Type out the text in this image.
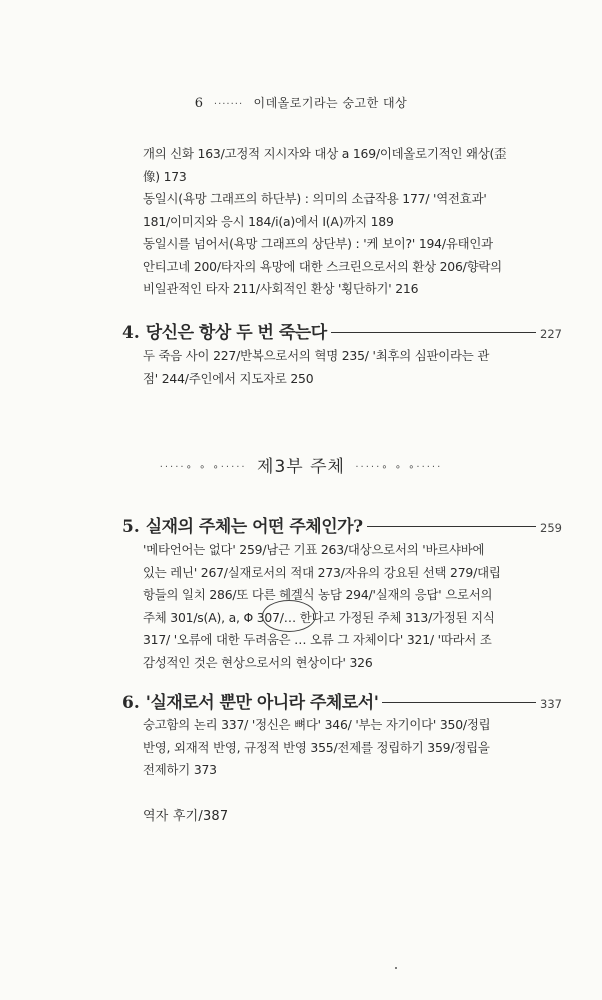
6 ······· 이데올로기라는 숭고한 대상
개의 신화 163/고정적 지시자와 대상 a 169/이데올로기적인 왜상(歪
像) 173
동일시(욕망 그래프의 하단부) : 의미의 소급작용 177/ '역전효과'
181/이미지와 응시 184/i(a)에서 I(A)까지 189
동일시를 넘어서(욕망 그래프의 상단부) : '케 보이?' 194/유태인과
안티고네 200/타자의 욕망에 대한 스크린으로서의 환상 206/향락의
비일관적인 타자 211/사회적인 환상 '횡단하기' 216
4. 당신은 항상 두 번 죽는다	227
두 죽음 사이 227/반복으로서의 혁명 235/ '최후의 심판이라는 관
점' 244/주인에서 지도자로 250
·····∘ ∘ ∘····· 제3부 주체 ·····∘ ∘ ∘·····
5. 실재의 주체는 어떤 주체인가?	259
'메타언어는 없다' 259/남근 기표 263/대상으로서의 '바르샤바에
있는 레닌' 267/실재로서의 적대 273/자유의 강요된 선택 279/대립
항들의 일치 286/또 다른 헤겔식 농담 294/'실재의 응답' 으로서의
주체 301/s(A), a, Φ 307/… 한다고 가정된 주체 313/가정된 지식
317/ '오류에 대한 두려움은 … 오류 그 자체이다' 321/ '따라서 조
감성적인 것은 현상으로서의 현상이다' 326
6. '실재로서 뿐만 아니라 주체로서'	337
숭고함의 논리 337/ '정신은 뼈다' 346/ '부는 자기이다' 350/정립
반영, 외재적 반영, 규정적 반영 355/전제를 정립하기 359/정립을
전제하기 373
역자 후기/387
